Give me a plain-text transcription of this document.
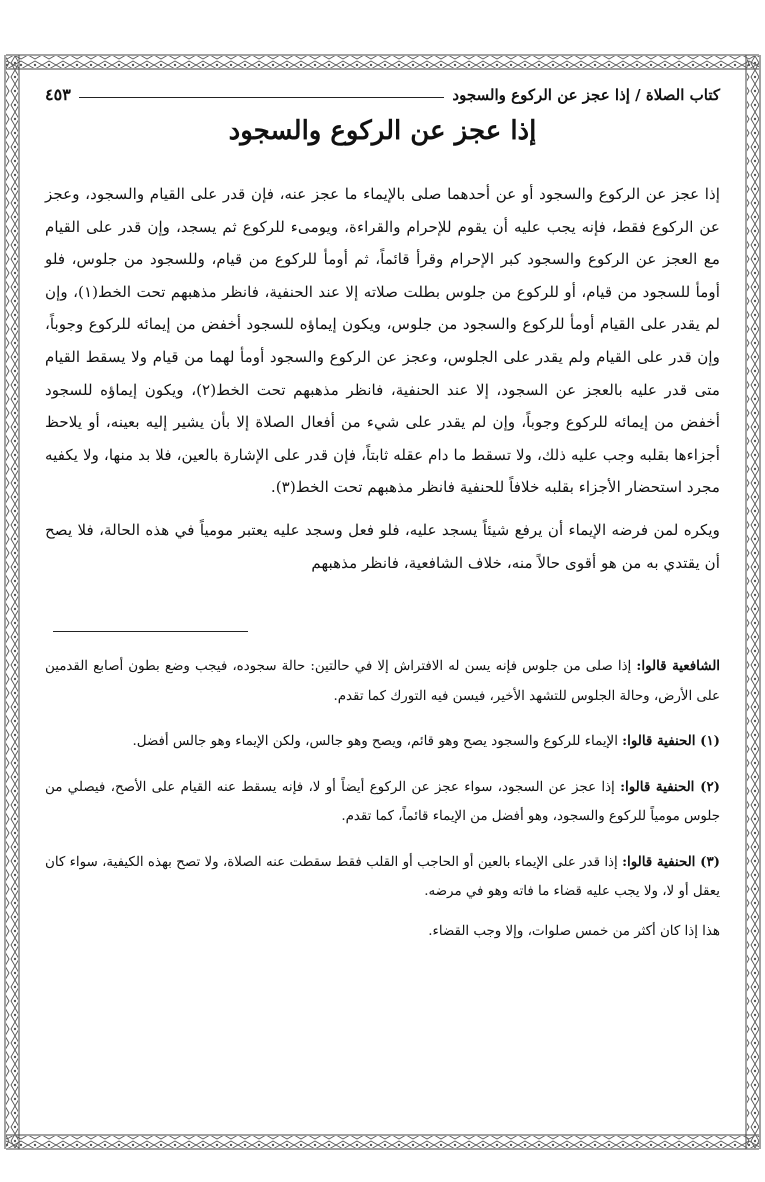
كتاب الصلاة / إذا عجز عن الركوع والسجود
٤٥٣
إذا عجز عن الركوع والسجود

إذا عجز عن الركوع والسجود أو عن أحدهما صلى بالإيماء ما عجز عنه، فإن قدر على القيام والسجود، وعجز عن الركوع فقط، فإنه يجب عليه أن يقوم للإحرام والقراءة، ويومىء للركوع ثم يسجد، وإن قدر على القيام مع العجز عن الركوع والسجود كبر الإحرام وقرأ قائماً، ثم أومأ للركوع من قيام، وللسجود من جلوس، فلو أومأ للسجود من قيام، أو للركوع من جلوس بطلت صلاته إلا عند الحنفية، فانظر مذهبهم تحت الخط(١)، وإن لم يقدر على القيام أومأ للركوع والسجود من جلوس، ويكون إيماؤه للسجود أخفض من إيمائه للركوع وجوباً، وإن قدر على القيام ولم يقدر على الجلوس، وعجز عن الركوع والسجود أومأ لهما من قيام ولا يسقط القيام متى قدر عليه بالعجز عن السجود، إلا عند الحنفية، فانظر مذهبهم تحت الخط(٢)، ويكون إيماؤه للسجود أخفض من إيمائه للركوع وجوباً، وإن لم يقدر على شيء من أفعال الصلاة إلا بأن يشير إليه بعينه، أو يلاحظ أجزاءها بقلبه وجب عليه ذلك، ولا تسقط ما دام عقله ثابتاً، فإن قدر على الإشارة بالعين، فلا بد منها، ولا يكفيه مجرد استحضار الأجزاء بقلبه خلافاً للحنفية فانظر مذهبهم تحت الخط(٣).

ويكره لمن فرضه الإيماء أن يرفع شيئاً يسجد عليه، فلو فعل وسجد عليه يعتبر مومياً في هذه الحالة، فلا يصح أن يقتدي به من هو أقوى حالاً منه، خلاف الشافعية، فانظر مذهبهم

الشافعية قالوا: إذا صلى من جلوس فإنه يسن له الافتراش إلا في حالتين: حالة سجوده، فيجب وضع بطون أصابع القدمين على الأرض، وحالة الجلوس للتشهد الأخير، فيسن فيه التورك كما تقدم.

(١) الحنفية قالوا: الإيماء للركوع والسجود يصح وهو قائم، ويصح وهو جالس، ولكن الإيماء وهو جالس أفضل.

(٢) الحنفية قالوا: إذا عجز عن السجود، سواء عجز عن الركوع أيضاً أو لا، فإنه يسقط عنه القيام على الأصح، فيصلي من جلوس مومياً للركوع والسجود، وهو أفضل من الإيماء قائماً، كما تقدم.

(٣) الحنفية قالوا: إذا قدر على الإيماء بالعين أو الحاجب أو القلب فقط سقطت عنه الصلاة، ولا تصح بهذه الكيفية، سواء كان يعقل أو لا، ولا يجب عليه قضاء ما فاته وهو في مرضه.

هذا إذا كان أكثر من خمس صلوات، وإلا وجب القضاء.
